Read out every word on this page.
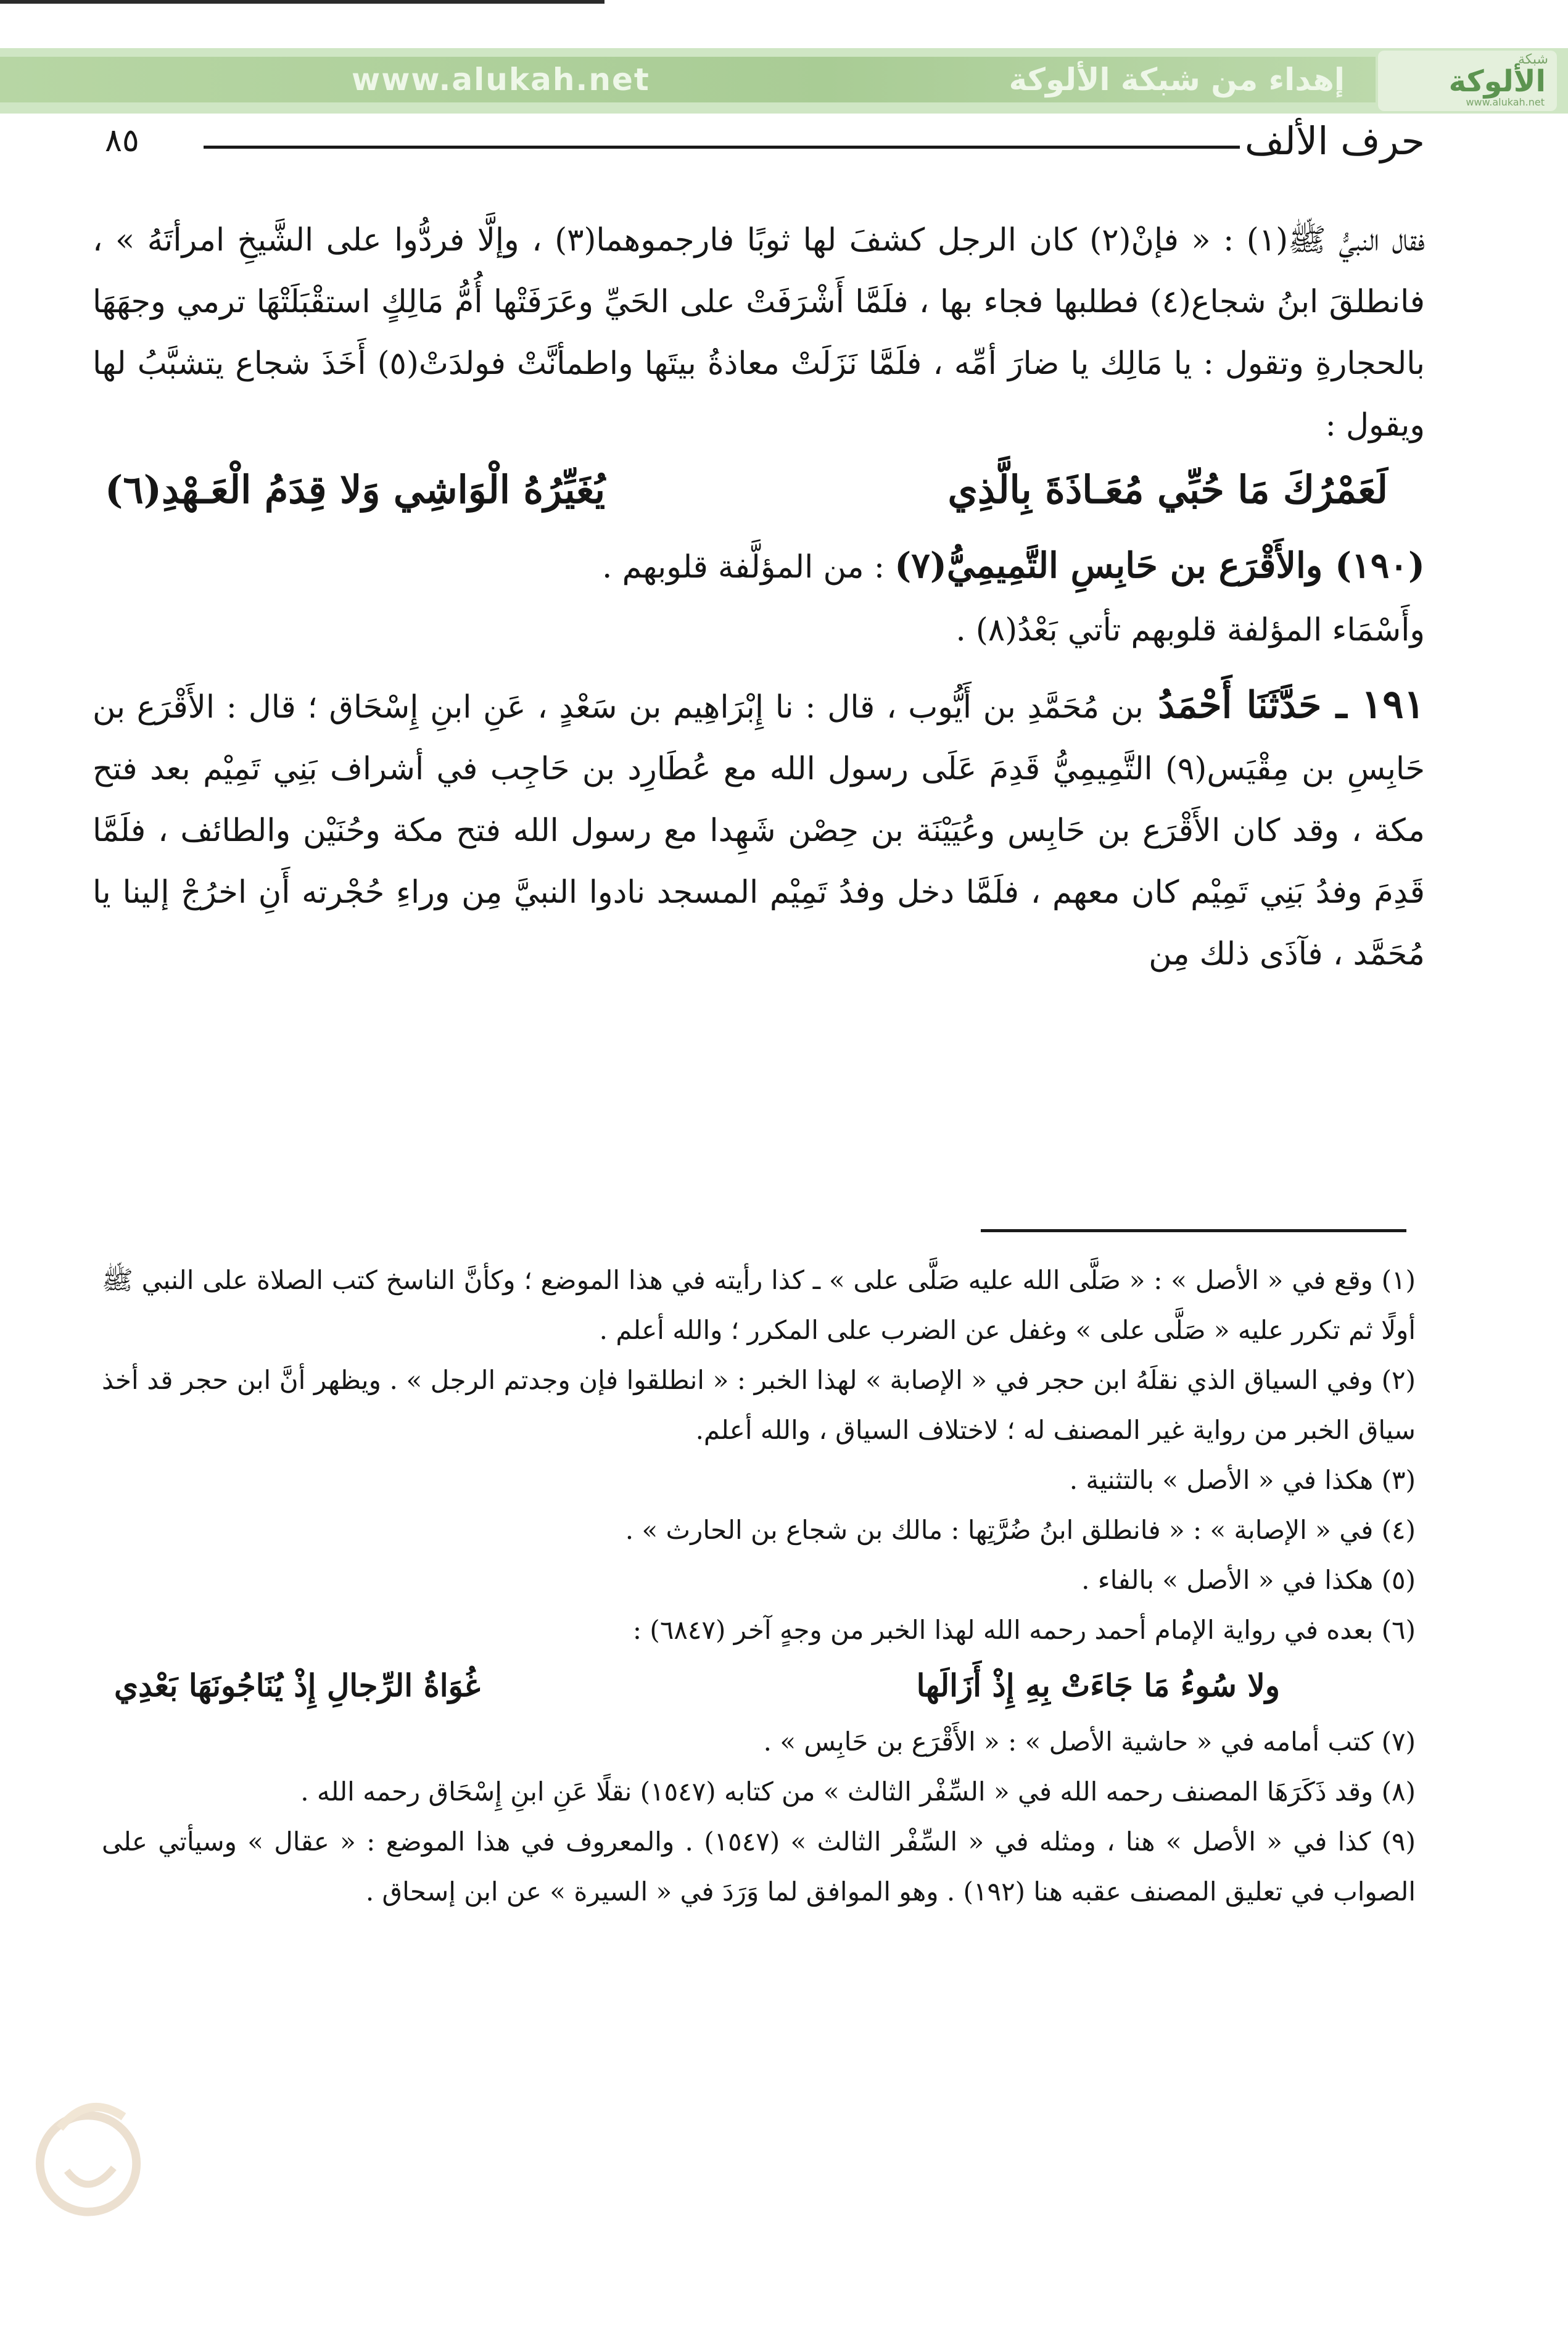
www.alukah.net	إهداء من شبكة الألوكة
شبكة
الألوكة
www.alukah.net
٨٥	حرف الألف

فقال النبيُّ ﷺ(١) : « فإنْ(٢) كان الرجل كشفَ لها ثوبًا فارجموهما(٣) ، وإلَّا فردُّوا على الشَّيخِ امرأتَهُ » ، فانطلقَ ابنُ شجاع(٤) فطلبها فجاء بها ، فلَمَّا أَشْرَفَتْ على الحَيِّ وعَرَفَتْها أُمُّ مَالِكٍ استقْبَلَتْهَا ترمي وجهَهَا بالحجارةِ وتقول : يا مَالِك يا ضارَ أمِّه ، فلَمَّا نَزَلَتْ معاذةُ بيتَها واطمأنَّتْ فولدَتْ(٥) أَخَذَ شجاع يتشبَّبُ لها ويقول :

لَعَمْرُكَ مَا حُبِّي مُعَـاذَةَ بِالَّذِي
يُغَيِّرُهُ الْوَاشِي وَلا قِدَمُ الْعَـهْدِ(٦)

(١٩٠) والأَقْرَع بن حَابِسِ التَّمِيمِيُّ(٧) : من المؤلَّفة قلوبهم .

وأَسْمَاء المؤلفة قلوبهم تأتي بَعْدُ(٨) .

١٩١ ـ حَدَّثَنَا أَحْمَدُ بن مُحَمَّدِ بن أَيُّوب ، قال : نا إِبْرَاهِيم بن سَعْدٍ ، عَنِ ابنِ إِسْحَاق ؛ قال : الأَقْرَع بن حَابِسِ بن مِقْيَس(٩) التَّمِيمِيُّ قَدِمَ عَلَى رسول الله مع عُطَارِد بن حَاجِب في أشراف بَنِي تَمِيْم بعد فتح مكة ، وقد كان الأَقْرَع بن حَابِس وعُيَيْنَة بن حِصْن شَهِدا مع رسول الله فتح مكة وحُنَيْن والطائف ، فلَمَّا قَدِمَ وفدُ بَنِي تَمِيْم كان معهم ، فلَمَّا دخل وفدُ تَمِيْم المسجد نادوا النبيَّ مِن وراءِ حُجْرته أَنِ اخرُجْ إلينا يا مُحَمَّد ، فآذَى ذلك مِن

(١) وقع في « الأصل » : « صَلَّى الله عليه صَلَّى على » ـ كذا رأيته في هذا الموضع ؛ وكأنَّ الناسخ كتب الصلاة على النبي ﷺ أولًا ثم تكرر عليه « صَلَّى على » وغفل عن الضرب على المكرر ؛ والله أعلم .

(٢) وفي السياق الذي نقلَهُ ابن حجر في « الإصابة » لهذا الخبر : « انطلقوا فإن وجدتم الرجل » . ويظهر أنَّ ابن حجر قد أخذ سياق الخبر من رواية غير المصنف له ؛ لاختلاف السياق ، والله أعلم.

(٣) هكذا في « الأصل » بالتثنية .

(٤) في « الإصابة » : « فانطلق ابنُ ضُرَّتِها : مالك بن شجاع بن الحارث » .

(٥) هكذا في « الأصل » بالفاء .

(٦) بعده في رواية الإمام أحمد رحمه الله لهذا الخبر من وجهٍ آخر (٦٨٤٧) :

ولا سُوءُ مَا جَاءَتْ بِهِ إِذْ أَزَالَها
غُوَاةُ الرِّجالِ إِذْ يُنَاجُونَهَا بَعْدِي

(٧) كتب أمامه في « حاشية الأصل » : « الأَقْرَع بن حَابِس » .

(٨) وقد ذَكَرَهَا المصنف رحمه الله في « السِّفْر الثالث » من كتابه (١٥٤٧) نقلًا عَنِ ابنِ إِسْحَاق رحمه الله .

(٩) كذا في « الأصل » هنا ، ومثله في « السِّفْر الثالث » (١٥٤٧) . والمعروف في هذا الموضع : « عقال » وسيأتي على الصواب في تعليق المصنف عقبه هنا (١٩٢) . وهو الموافق لما وَرَدَ في « السيرة » عن ابن إسحاق .
